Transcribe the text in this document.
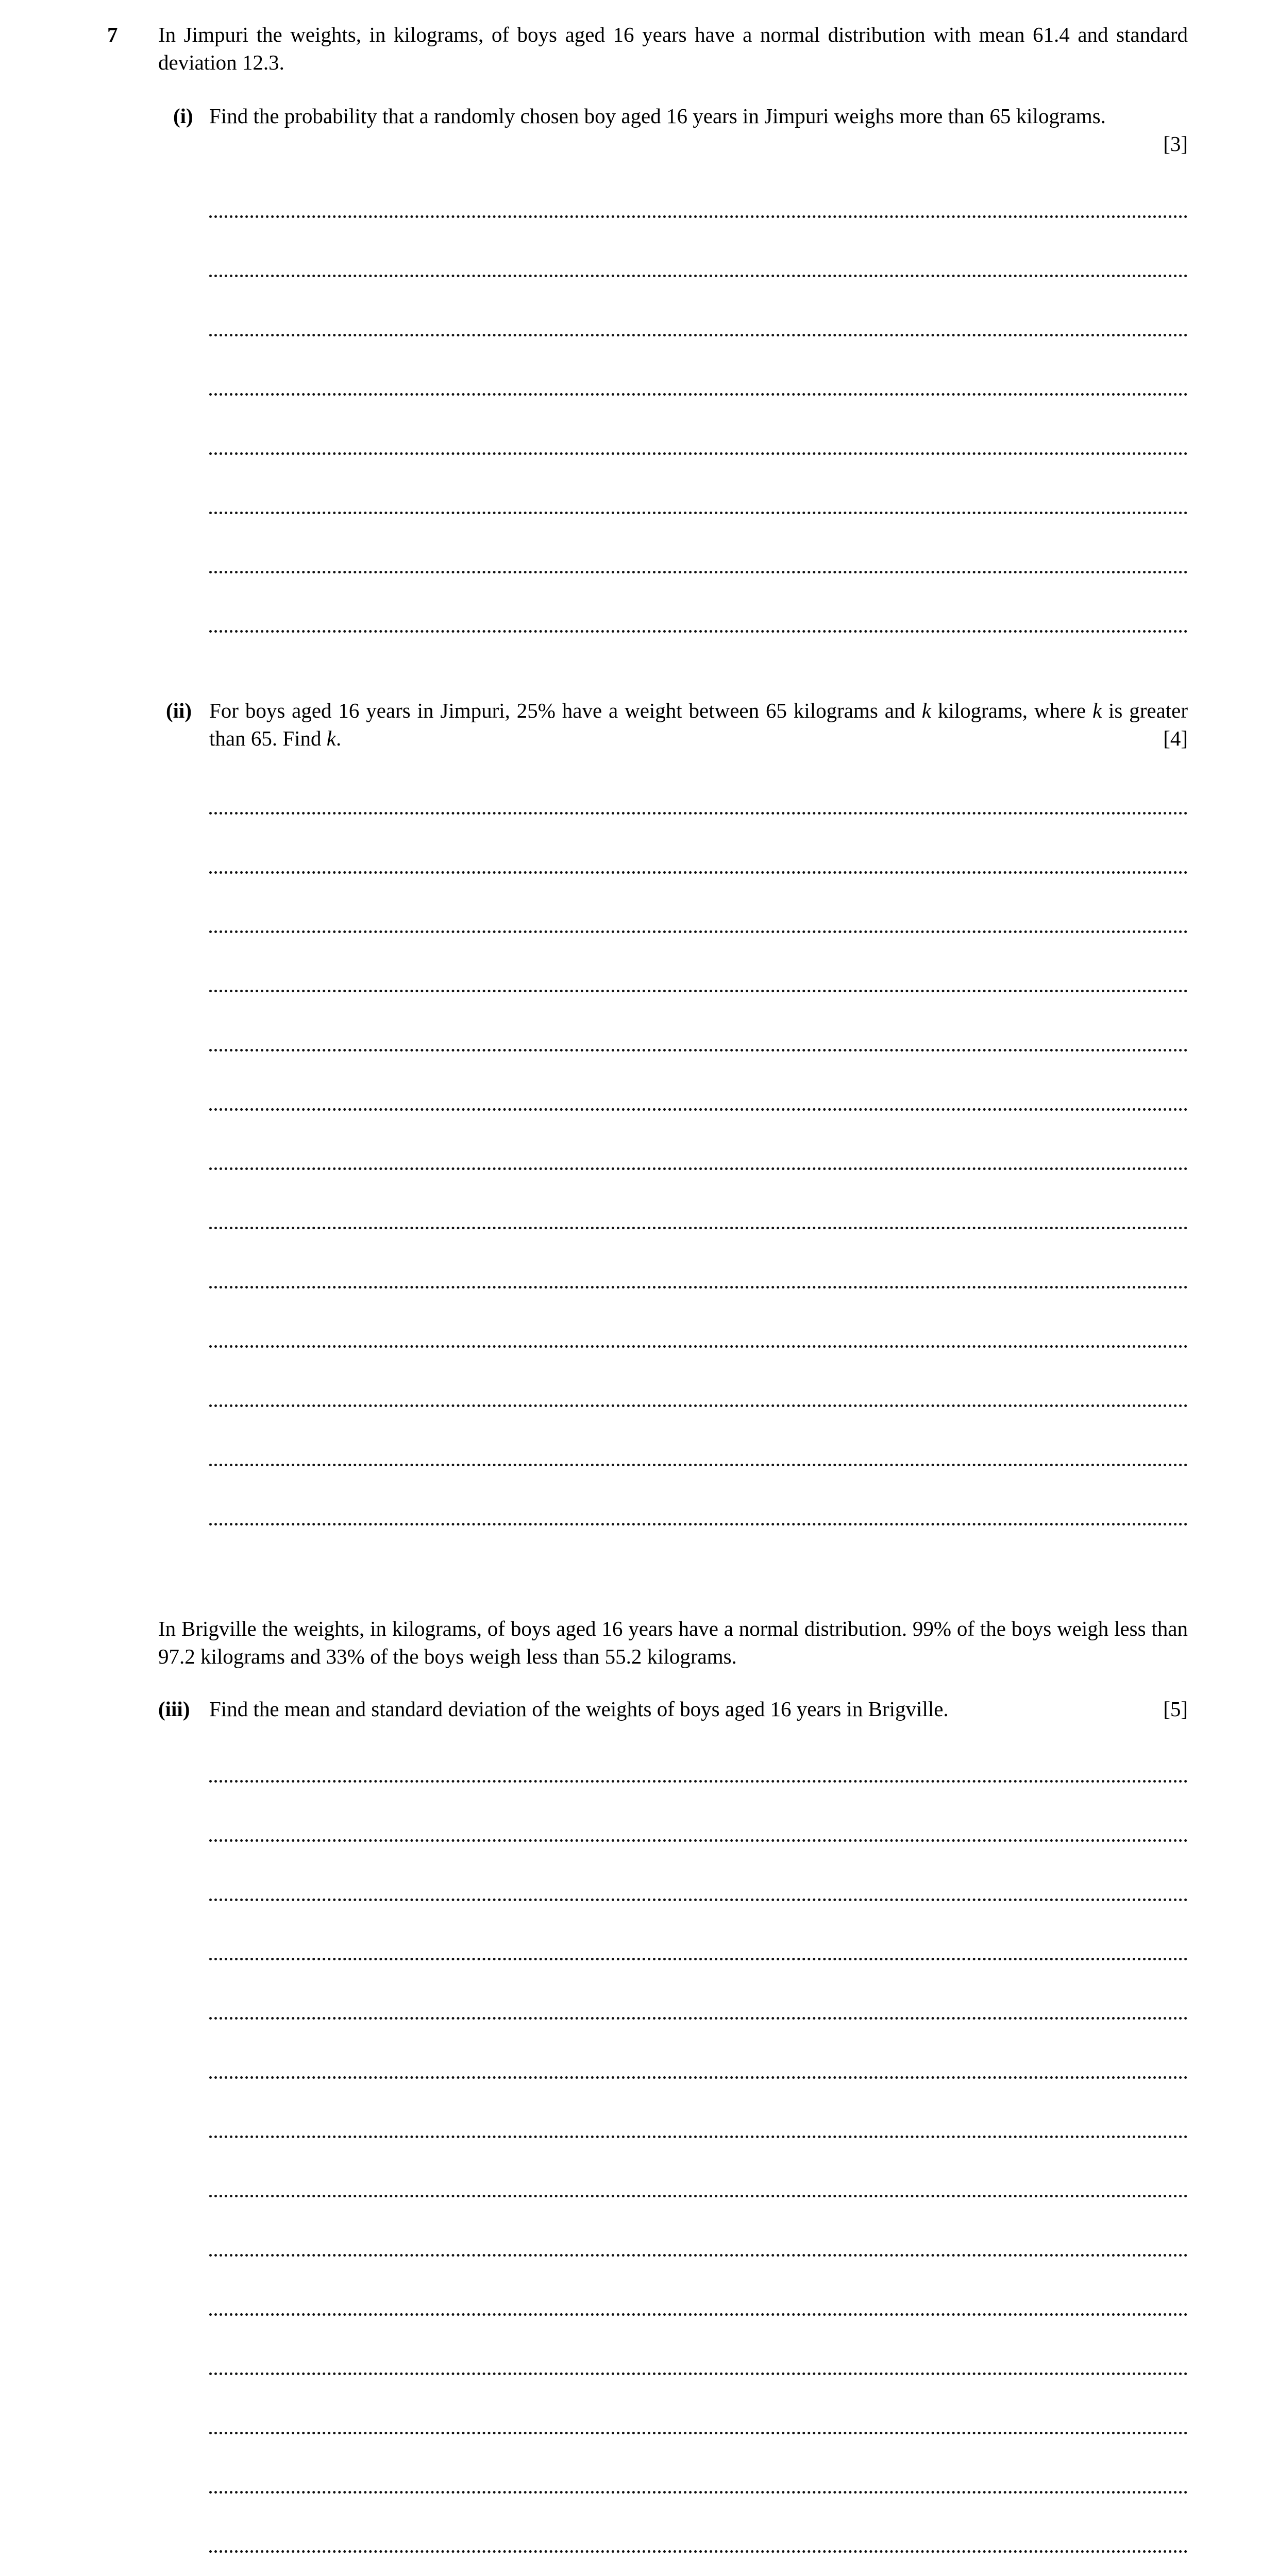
7 In Jimpuri the weights, in kilograms, of boys aged 16 years have a normal distribution with mean 61.4 and standard deviation 12.3.
(i) Find the probability that a randomly chosen boy aged 16 years in Jimpuri weighs more than 65 kilograms.
[3]
(ii) For boys aged 16 years in Jimpuri, 25% have a weight between 65 kilograms and k kilograms, where k is greater than 65. Find k.	[4]
In Brigville the weights, in kilograms, of boys aged 16 years have a normal distribution. 99% of the boys weigh less than 97.2 kilograms and 33% of the boys weigh less than 55.2 kilograms.
(iii) Find the mean and standard deviation of the weights of boys aged 16 years in Brigville.	[5]
